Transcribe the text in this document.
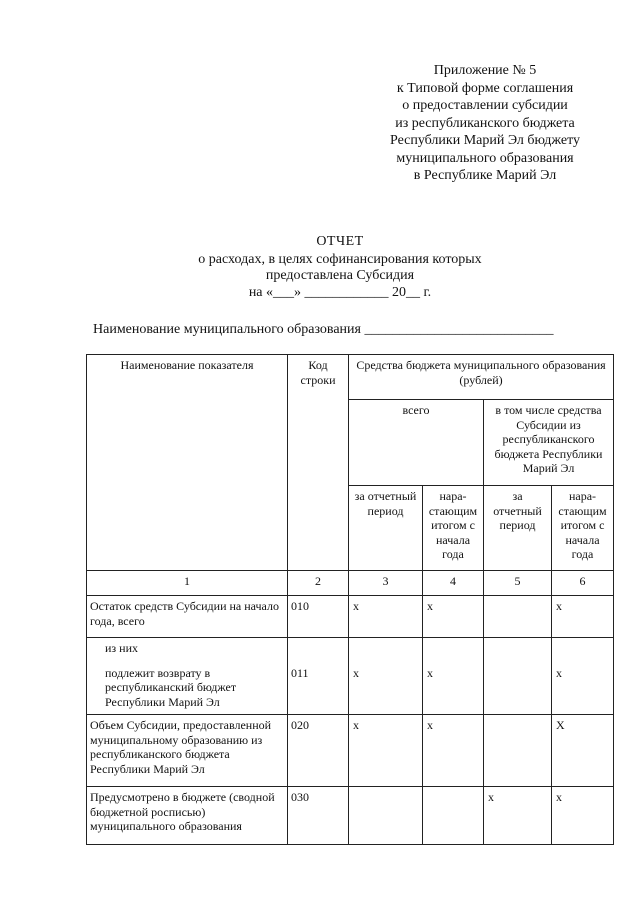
Приложение № 5
к Типовой форме соглашения
о предоставлении субсидии
из республиканского бюджета
Республики Марий Эл бюджету
муниципального образования
в Республике Марий Эл
ОТЧЕТ
о расходах, в целях софинансирования которых
предоставлена Субсидия
на «___» ____________ 20__ г.
Наименование муниципального образования ___________________________
Наименование показателя	Код строки	Средства бюджета муниципального образования (рублей)			
		всего		в том числе средства Субсидии из республиканского бюджета Республики Марий Эл	
		за отчетный период	нара-стающим итогом с начала года	за отчетный период	нара-стающим итогом с начала года
1	2	3	4	5	6
Остаток средств Субсидии на начало года, всего	010	x	x		x
из них					
подлежит возврату в республиканский бюджет Республики Марий Эл	011	x	x		x
Объем Субсидии, предоставленной муниципальному образованию из республиканского бюджета Республики Марий Эл	020	x	x		X
Предусмотрено в бюджете (сводной бюджетной росписью) муниципального образования	030			x	x
